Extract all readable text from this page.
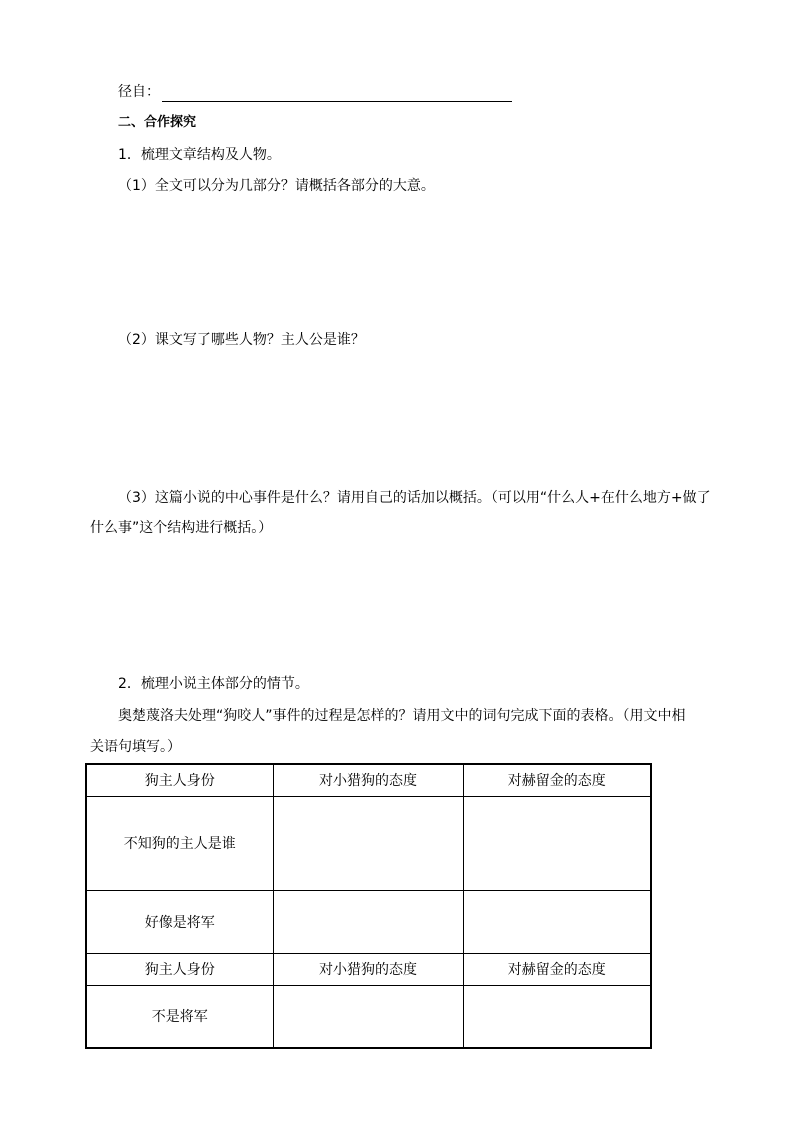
径自：
二、合作探究
1．梳理文章结构及人物。
（1）全文可以分为几部分？请概括各部分的大意。
（2）课文写了哪些人物？主人公是谁？
（3）这篇小说的中心事件是什么？请用自己的话加以概括。（可以用“什么人+在什么地方+做了
什么事”这个结构进行概括。）
2．梳理小说主体部分的情节。
奥楚蔑洛夫处理“狗咬人”事件的过程是怎样的？请用文中的词句完成下面的表格。（用文中相
关语句填写。）
狗主人身份	对小猎狗的态度	对赫留金的态度
不知狗的主人是谁		
好像是将军		
狗主人身份	对小猎狗的态度	对赫留金的态度
不是将军		
